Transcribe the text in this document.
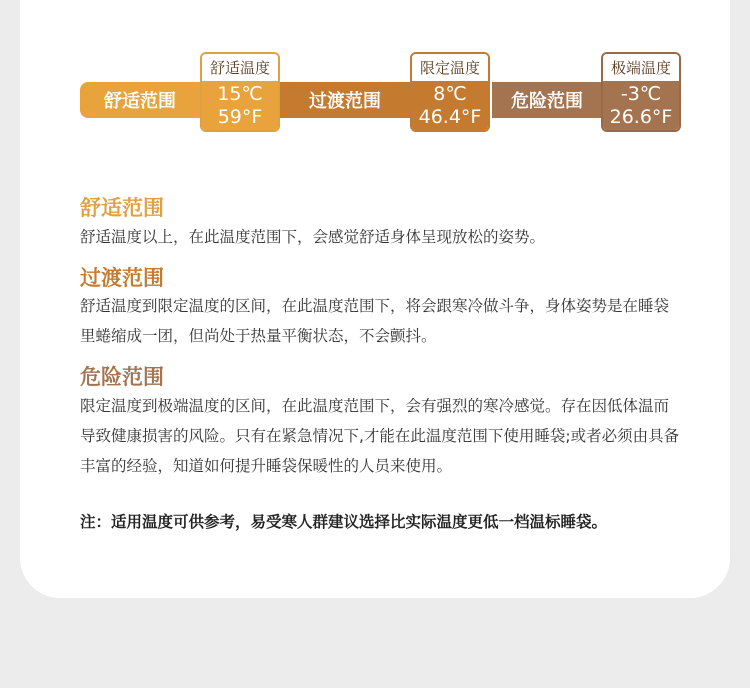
舒适范围	过渡范围	危险范围
舒适温度
15℃
59°F
限定温度
8℃
46.4°F
极端温度
-3℃
26.6°F
舒适范围

舒适温度以上，在此温度范围下，会感觉舒适身体呈现放松的姿势。

过渡范围

舒适温度到限定温度的区间，在此温度范围下，将会跟寒冷做斗争，身体姿势是在睡袋里蜷缩成一团，但尚处于热量平衡状态，不会颤抖。

危险范围

限定温度到极端温度的区间，在此温度范围下，会有强烈的寒冷感觉。存在因低体温而导致健康损害的风险。只有在紧急情况下,才能在此温度范围下使用睡袋;或者必须由具备丰富的经验，知道如何提升睡袋保暖性的人员来使用。

注：适用温度可供参考，易受寒人群建议选择比实际温度更低一档温标睡袋。
